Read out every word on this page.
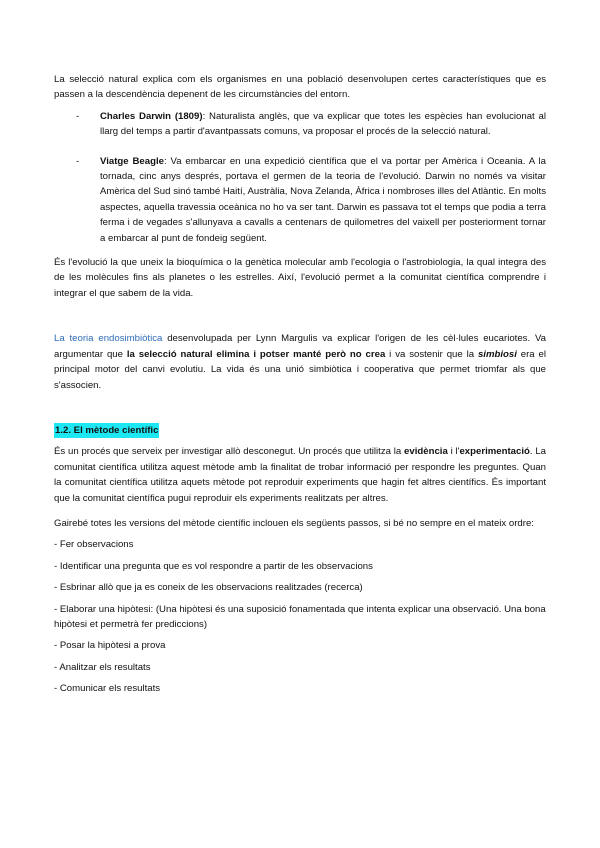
La selecció natural explica com els organismes en una població desenvolupen certes característiques que es passen a la descendència depenent de les circumstàncies del entorn.

- Charles Darwin (1809): Naturalista anglès, que va explicar que totes les espècies han evolucionat al llarg del temps a partir d'avantpassats comuns, va proposar el procés de la selecció natural.
- Viatge Beagle: Va embarcar en una expedició científica que el va portar per Amèrica i Oceania. A la tornada, cinc anys després, portava el germen de la teoria de l'evolució. Darwin no només va visitar Amèrica del Sud sinó també Haití, Austràlia, Nova Zelanda, Àfrica i nombroses illes del Atlàntic. En molts aspectes, aquella travessia oceànica no ho va ser tant. Darwin es passava tot el temps que podia a terra ferma i de vegades s'allunyava a cavalls a centenars de quilometres del vaixell per posteriorment tornar a embarcar al punt de fondeig següent.

És l'evolució la que uneix la bioquímica o la genètica molecular amb l'ecologia o l'astrobiologia, la qual integra des de les molècules fins als planetes o les estrelles. Així, l'evolució permet a la comunitat científica comprendre i integrar el que sabem de la vida.

La teoria endosimbiòtica desenvolupada per Lynn Margulis va explicar l'origen de les cèl·lules eucariotes. Va argumentar que la selecció natural elimina i potser manté però no crea i va sostenir que la simbiosi era el principal motor del canvi evolutiu. La vida és una unió simbiòtica i cooperativa que permet triomfar als que s'associen.

1.2. El mètode científic

És un procés que serveix per investigar allò desconegut. Un procés que utilitza la evidència i l'experimentació. La comunitat científica utilitza aquest mètode amb la finalitat de trobar informació per respondre les preguntes. Quan la comunitat científica utilitza aquets mètode pot reproduir experiments que hagin fet altres científics. És important que la comunitat científica pugui reproduir els experiments realitzats per altres.

Gairebé totes les versions del mètode científic inclouen els següents passos, si bé no sempre en el mateix ordre:

- Fer observacions

- Identificar una pregunta que es vol respondre a partir de les observacions

- Esbrinar allò que ja es coneix de les observacions realitzades (recerca)

- Elaborar una hipòtesi: (Una hipòtesi és una suposició fonamentada que intenta explicar una observació. Una bona hipòtesi et permetrà fer prediccions)

- Posar la hipòtesi a prova

- Analitzar els resultats

- Comunicar els resultats
